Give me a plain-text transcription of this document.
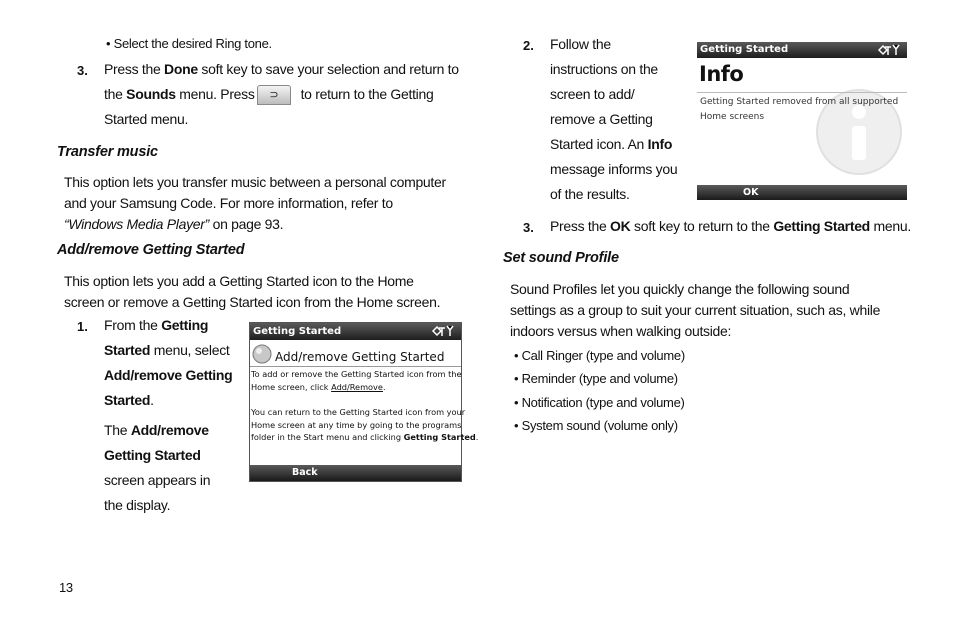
• Select the desired Ring tone.
3. Press the Done soft key to save your selection and return to
the Sounds menu. Press	to return to the Getting
Started menu.
⊃
Transfer music
This option lets you transfer music between a personal computer
and your Samsung Code. For more information, refer to
“Windows Media Player” on page 93.
Add/remove Getting Started
This option lets you add a Getting Started icon to the Home
screen or remove a Getting Started icon from the Home screen.
1. From the Getting
Started menu, select
Add/remove Getting
Started.
The Add/remove
Getting Started
screen appears in
the display.
Getting Started
Add/remove Getting Started
To add or remove the Getting Started icon from the
Home screen, click Add/Remove.
You can return to the Getting Started icon from your
Home screen at any time by going to the programs
folder in the Start menu and clicking Getting Started.
Back
13
2. Follow the
instructions on the
screen to add/
remove a Getting
Started icon. An Info
message informs you
of the results.
Getting Started
Info
Getting Started removed from all supported
Home screens
OK
3. Press the OK soft key to return to the Getting Started menu.
Set sound Profile
Sound Profiles let you quickly change the following sound
settings as a group to suit your current situation, such as, while
indoors versus when walking outside:
• Call Ringer (type and volume)
• Reminder (type and volume)
• Notification (type and volume)
• System sound (volume only)
